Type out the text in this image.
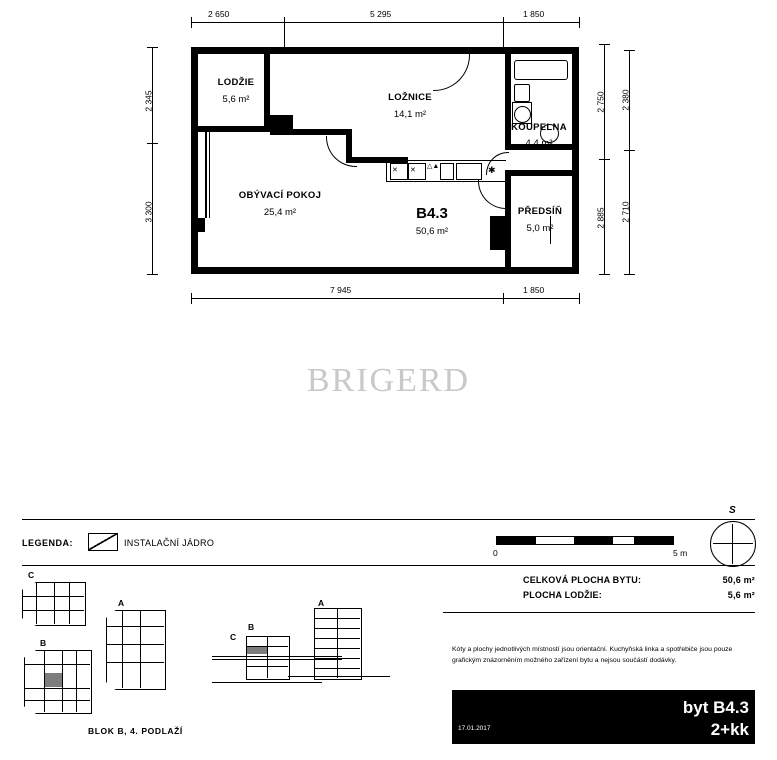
2 650	5 295	1 850
2 345
3 300
2 750
2 885
2 380
2 710
7 945	1 850
✕ ✕
△▲	✱
LODŽIE
5,6 m²	LOŽNICE
14,1 m²
KOUPELNA
4,4 m²
OBÝVACÍ POKOJ
25,4 m²	PŘEDSÍŇ
5,0 m²
B4.3
50,6 m²
BRIGERD
LEGENDA:	INSTALAČNÍ JÁDRO
0	5 m
S
CELKOVÁ PLOCHA BYTU:	50,6 m²
PLOCHA LODŽIE:	5,6 m²
Kóty a plochy jednotlivých místností jsou orientační. Kuchyňská linka a spotřebiče jsou pouze grafickým znázorněním možného zařízení bytu a nejsou součástí dodávky.
17.01.2017
byt B4.3
2+kk
C
B
A
B
C
A
BLOK B, 4. PODLAŽÍ
